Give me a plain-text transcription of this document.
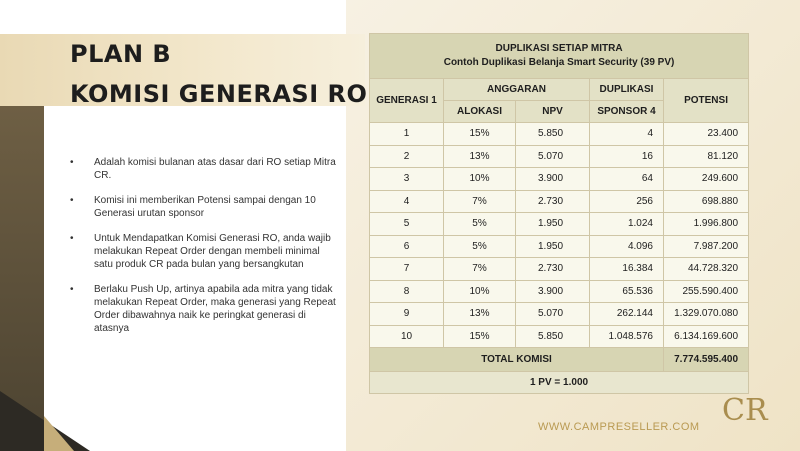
PLAN B
KOMISI GENERASI RO
• Adalah komisi bulanan atas dasar dari RO setiap Mitra CR.
• Komisi ini memberikan Potensi sampai dengan 10 Generasi urutan sponsor
• Untuk Mendapatkan Komisi Generasi RO, anda wajib melakukan Repeat Order dengan membeli minimal satu produk CR pada bulan yang bersangkutan
• Berlaku Push Up, artinya apabila ada mitra yang tidak melakukan Repeat Order, maka generasi yang Repeat Order dibawahnya naik ke peringkat generasi di atasnya
DUPLIKASI SETIAP MITRA
Contoh Duplikasi Belanja Smart Security (39 PV)				

GENERASI 1	ANGGARAN		DUPLIKASI	POTENSI
	ALOKASI	NPV	SPONSOR 4	
1	15%	5.850	4	23.400
2	13%	5.070	16	81.120
3	10%	3.900	64	249.600
4	7%	2.730	256	698.880
5	5%	1.950	1.024	1.996.800
6	5%	1.950	4.096	7.987.200
7	7%	2.730	16.384	44.728.320
8	10%	3.900	65.536	255.590.400
9	13%	5.070	262.144	1.329.070.080
10	15%	5.850	1.048.576	6.134.169.600
TOTAL KOMISI				7.774.595.400
1 PV = 1.000				
WWW.CAMPRESELLER.COM CR
